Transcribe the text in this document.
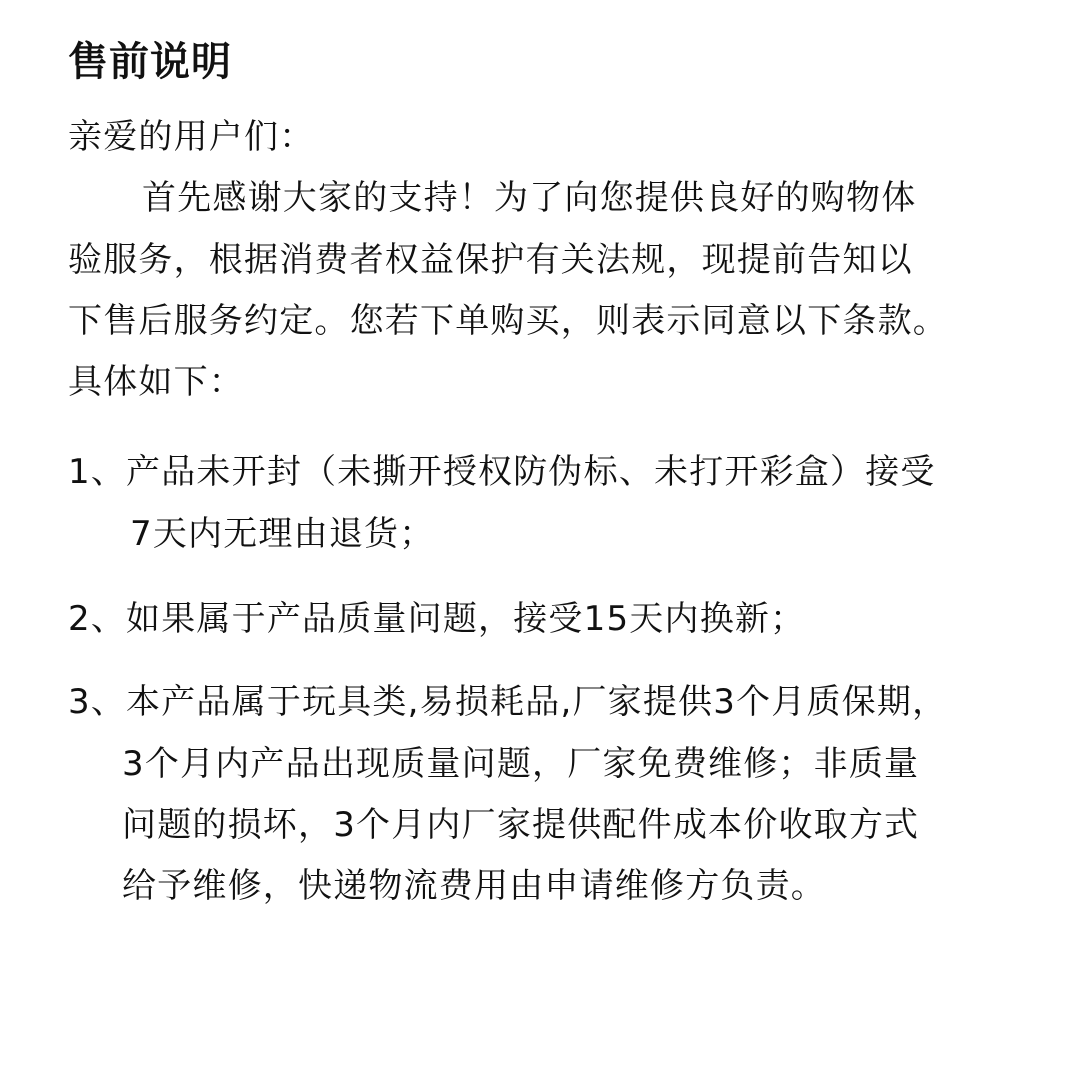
售前说明
亲爱的用户们：
首先感谢大家的支持！为了向您提供良好的购物体
验服务，根据消费者权益保护有关法规，现提前告知以
下售后服务约定。您若下单购买，则表示同意以下条款。
具体如下：
1、产品未开封（未撕开授权防伪标、未打开彩盒）接受
7天内无理由退货；
2、如果属于产品质量问题，接受15天内换新；
3、本产品属于玩具类,易损耗品,厂家提供3个月质保期，
3个月内产品出现质量问题，厂家免费维修；非质量
问题的损坏，3个月内厂家提供配件成本价收取方式
给予维修，快递物流费用由申请维修方负责。
